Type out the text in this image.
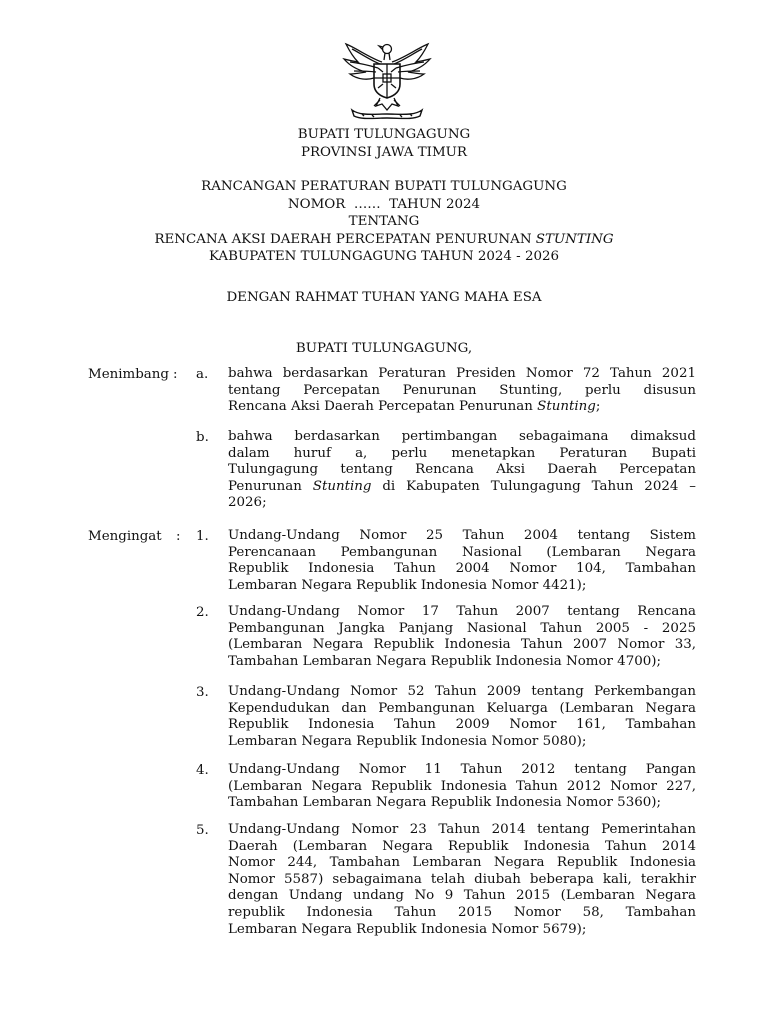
BUPATI TULUNGAGUNG
PROVINSI JAWA TIMUR
RANCANGAN PERATURAN BUPATI TULUNGAGUNG
NOMOR  ……  TAHUN 2024
TENTANG
RENCANA AKSI DAERAH PERCEPATAN PENURUNAN STUNTING
KABUPATEN TULUNGAGUNG TAHUN 2024 - 2026
DENGAN RAHMAT TUHAN YANG MAHA ESA
BUPATI TULUNGAGUNG,
Menimbang : a. bahwa berdasarkan Peraturan Presiden Nomor 72 Tahun 2021
tentang Percepatan Penurunan Stunting, perlu disusun
Rencana Aksi Daerah Percepatan Penurunan Stunting;
b. bahwa berdasarkan pertimbangan sebagaimana dimaksud
dalam huruf a, perlu menetapkan Peraturan Bupati
Tulungagung tentang Rencana Aksi Daerah Percepatan
Penurunan Stunting di Kabupaten Tulungagung Tahun 2024 –
2026;
Mengingat : 1. Undang-Undang Nomor 25 Tahun 2004 tentang Sistem
Perencanaan Pembangunan Nasional (Lembaran Negara
Republik Indonesia Tahun 2004 Nomor 104, Tambahan
Lembaran Negara Republik Indonesia Nomor 4421);
2. Undang-Undang Nomor 17 Tahun 2007 tentang Rencana
Pembangunan Jangka Panjang Nasional Tahun 2005 - 2025
(Lembaran Negara Republik Indonesia Tahun 2007 Nomor 33,
Tambahan Lembaran Negara Republik Indonesia Nomor 4700);
3. Undang-Undang Nomor 52 Tahun 2009 tentang Perkembangan
Kependudukan dan Pembangunan Keluarga (Lembaran Negara
Republik Indonesia Tahun 2009 Nomor 161, Tambahan
Lembaran Negara Republik Indonesia Nomor 5080);
4. Undang-Undang Nomor 11 Tahun 2012 tentang Pangan
(Lembaran Negara Republik Indonesia Tahun 2012 Nomor 227,
Tambahan Lembaran Negara Republik Indonesia Nomor 5360);
5. Undang-Undang Nomor 23 Tahun 2014 tentang Pemerintahan
Daerah (Lembaran Negara Republik Indonesia Tahun 2014
Nomor 244, Tambahan Lembaran Negara Republik Indonesia
Nomor 5587) sebagaimana telah diubah beberapa kali, terakhir
dengan Undang undang No 9 Tahun 2015 (Lembaran Negara
republik Indonesia Tahun 2015 Nomor 58, Tambahan
Lembaran Negara Republik Indonesia Nomor 5679);
